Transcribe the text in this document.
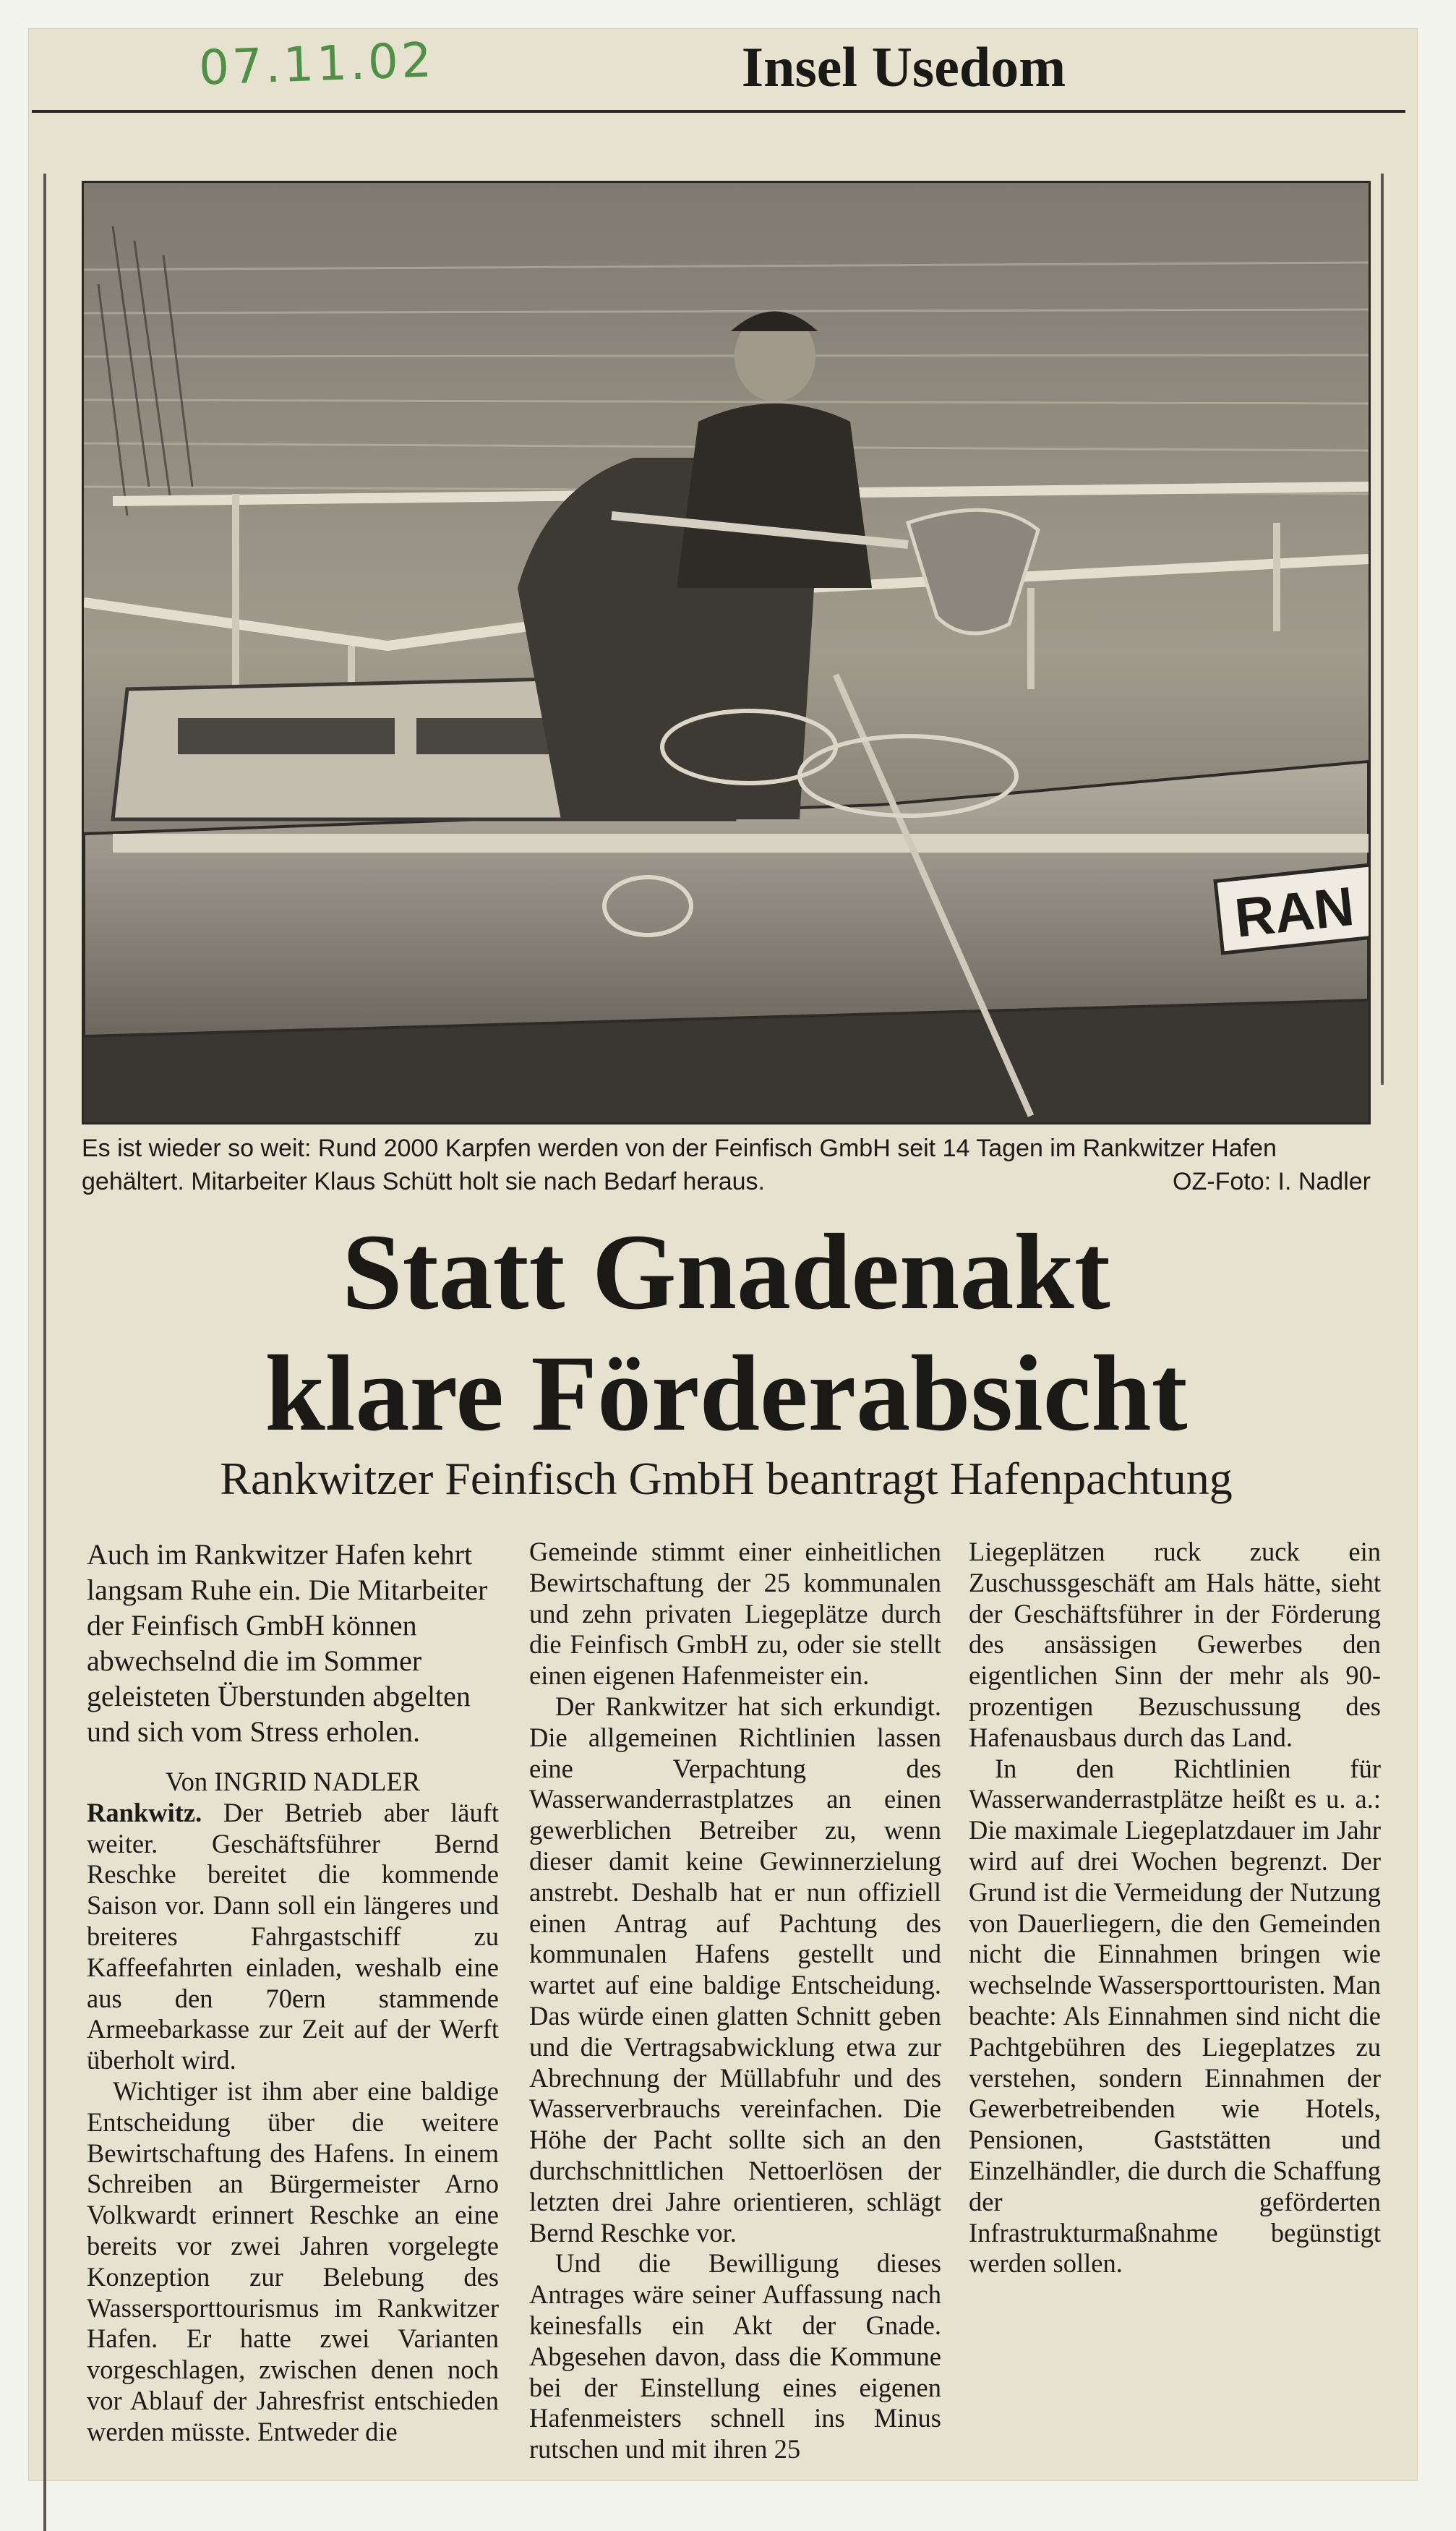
07.11.02	Insel Usedom
RAN
Es ist wieder so weit: Rund 2000 Karpfen werden von der Feinfisch GmbH seit 14 Tagen im Rankwitzer Hafen gehältert. Mitarbeiter Klaus Schütt holt sie nach Bedarf heraus.	OZ-Foto: I. Nadler
Statt Gnadenakt
klare Förderabsicht
Rankwitzer Feinfisch GmbH beantragt Hafenpachtung

Auch im Rankwitzer Hafen kehrt langsam Ruhe ein. Die Mitarbeiter der Feinfisch GmbH können abwechselnd die im Sommer geleisteten Überstunden abgelten und sich vom Stress erholen.

Von INGRID NADLER

Rankwitz. Der Betrieb aber läuft weiter. Geschäftsführer Bernd Reschke bereitet die kommende Saison vor. Dann soll ein längeres und breiteres Fahrgastschiff zu Kaffeefahrten einladen, weshalb eine aus den 70ern stammende Armeebarkasse zur Zeit auf der Werft überholt wird.

Wichtiger ist ihm aber eine baldige Entscheidung über die weitere Bewirtschaftung des Hafens. In einem Schreiben an Bürgermeister Arno Volkwardt erinnert Reschke an eine bereits vor zwei Jahren vorgelegte Konzeption zur Belebung des Wassersporttourismus im Rankwitzer Hafen. Er hatte zwei Varianten vorgeschlagen, zwischen denen noch vor Ablauf der Jahresfrist entschieden werden müsste. Entweder die

Gemeinde stimmt einer einheitlichen Bewirtschaftung der 25 kommunalen und zehn privaten Liegeplätze durch die Feinfisch GmbH zu, oder sie stellt einen eigenen Hafenmeister ein.

Der Rankwitzer hat sich erkundigt. Die allgemeinen Richtlinien lassen eine Verpachtung des Wasserwanderrastplatzes an einen gewerblichen Betreiber zu, wenn dieser damit keine Gewinnerzielung anstrebt. Deshalb hat er nun offiziell einen Antrag auf Pachtung des kommunalen Hafens gestellt und wartet auf eine baldige Entscheidung. Das würde einen glatten Schnitt geben und die Vertragsabwicklung etwa zur Abrechnung der Müllabfuhr und des Wasserverbrauchs vereinfachen. Die Höhe der Pacht sollte sich an den durchschnittlichen Nettoerlösen der letzten drei Jahre orientieren, schlägt Bernd Reschke vor.

Und die Bewilligung dieses Antrages wäre seiner Auffassung nach keinesfalls ein Akt der Gnade. Abgesehen davon, dass die Kommune bei der Einstellung eines eigenen Hafenmeisters schnell ins Minus rutschen und mit ihren 25

Liegeplätzen ruck zuck ein Zuschussgeschäft am Hals hätte, sieht der Geschäftsführer in der Förderung des ansässigen Gewerbes den eigentlichen Sinn der mehr als 90-prozentigen Bezuschussung des Hafenausbaus durch das Land.

In den Richtlinien für Wasserwanderrastplätze heißt es u. a.: Die maximale Liegeplatzdauer im Jahr wird auf drei Wochen begrenzt. Der Grund ist die Vermeidung der Nutzung von Dauerliegern, die den Gemeinden nicht die Einnahmen bringen wie wechselnde Wassersporttouristen. Man beachte: Als Einnahmen sind nicht die Pachtgebühren des Liegeplatzes zu verstehen, sondern Einnahmen der Gewerbetreibenden wie Hotels, Pensionen, Gaststätten und Einzelhändler, die durch die Schaffung der geförderten Infrastrukturmaßnahme begünstigt werden sollen.
